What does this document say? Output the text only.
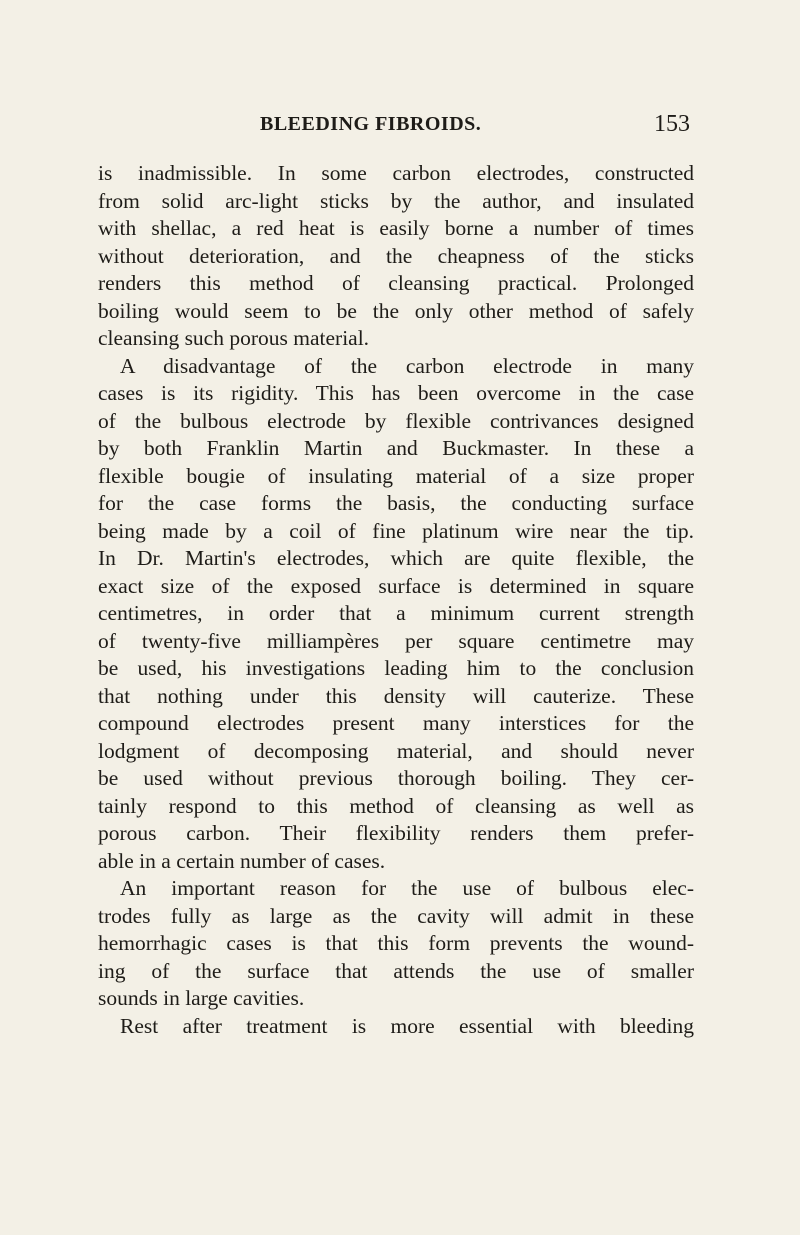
BLEEDING FIBROIDS.	153
is inadmissible. In some carbon electrodes, constructed
from solid arc-light sticks by the author, and insulated
with shellac, a red heat is easily borne a number of times
without deterioration, and the cheapness of the sticks
renders this method of cleansing practical. Prolonged
boiling would seem to be the only other method of safely
cleansing such porous material.
A disadvantage of the carbon electrode in many
cases is its rigidity. This has been overcome in the case
of the bulbous electrode by flexible contrivances designed
by both Franklin Martin and Buckmaster. In these a
flexible bougie of insulating material of a size proper
for the case forms the basis, the conducting surface
being made by a coil of fine platinum wire near the tip.
In Dr. Martin's electrodes, which are quite flexible, the
exact size of the exposed surface is determined in square
centimetres, in order that a minimum current strength
of twenty-five milliampères per square centimetre may
be used, his investigations leading him to the conclusion
that nothing under this density will cauterize. These
compound electrodes present many interstices for the
lodgment of decomposing material, and should never
be used without previous thorough boiling. They cer-
tainly respond to this method of cleansing as well as
porous carbon. Their flexibility renders them prefer-
able in a certain number of cases.
An important reason for the use of bulbous elec-
trodes fully as large as the cavity will admit in these
hemorrhagic cases is that this form prevents the wound-
ing of the surface that attends the use of smaller
sounds in large cavities.
Rest after treatment is more essential with bleeding
